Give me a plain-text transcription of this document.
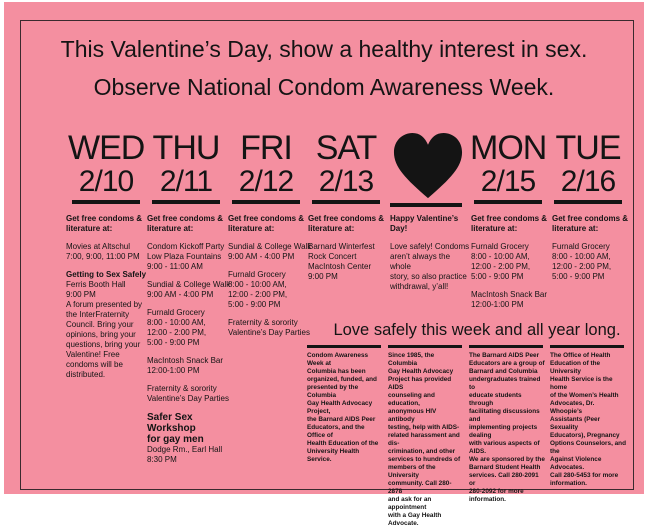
This Valentine’s Day, show a healthy interest in sex.
Observe National Condom Awareness Week.
WED
2/10
THU
2/11
FRI
2/12
SAT
2/13
MON
2/15
TUE
2/16

Get free condoms &
literature at:

Movies at Altschul
7:00, 9:00, 11:00 PM

Getting to Sex Safely

Ferris Booth Hall
9:00 PM
A forum presented by
the InterFraternity
Council. Bring your
opinions, bring your
questions, bring your
Valentine! Free
condoms will be
distributed.

Get free condoms &
literature at:

Condom Kickoff Party
Low Plaza Fountains
9:00 - 11:00 AM

Sundial & College Walk
9:00 AM - 4:00 PM

Furnald Grocery
8:00 - 10:00 AM,
12:00 - 2:00 PM,
5:00 - 9:00 PM

MacIntosh Snack Bar
12:00-1:00 PM

Fraternity & sorority
Valentine’s Day Parties

Safer Sex Workshop
for gay men

Dodge Rm., Earl Hall
8:30 PM

Get free condoms &
literature at:

Sundial & College Walk
9:00 AM - 4:00 PM

Furnald Grocery
8:00 - 10:00 AM,
12:00 - 2:00 PM,
5:00 - 9:00 PM

Fraternity & sorority
Valentine’s Day Parties

Get free condoms &
literature at:

Barnard Winterfest
Rock Concert
MacIntosh Center
9:00 PM

Happy Valentine’s
Day!

Love safely! Condoms
aren’t always the whole
story, so also practice
withdrawal, y’all!

Get free condoms &
literature at:

Furnald Grocery
8:00 - 10:00 AM,
12:00 - 2:00 PM,
5:00 - 9:00 PM

MacIntosh Snack Bar
12:00-1:00 PM

Get free condoms &
literature at:

Furnald Grocery
8:00 - 10:00 AM,
12:00 - 2:00 PM,
5:00 - 9:00 PM

Love safely this week and all year long.
Condom Awareness Week at
Columbia has been
organized, funded, and
presented by the Columbia
Gay Health Advocacy Project,
the Barnard AIDS Peer
Educators, and the Office of
Health Education of the
University Health Service.
Since 1985, the Columbia
Gay Health Advocacy
Project has provided AIDS
counseling and education,
anonymous HIV antibody
testing, help with AIDS-
related harassment and dis-
crimination, and other
services to hundreds of
members of the University
community. Call 280-2878
and ask for an appointment
with a Gay Health Advocate.
The Barnard AIDS Peer
Educators are a group of
Barnard and Columbia
undergraduates trained to
educate students through
facilitating discussions and
implementing projects dealing
with various aspects of AIDS.
We are sponsored by the
Barnard Student Health
services. Call 280-2091 or
280-2092 for more
information.
The Office of Health
Education of the University
Health Service is the home
of the Women’s Health
Advocates, Dr. Whoopie’s
Assistants (Peer Sexuality
Educators), Pregnancy
Options Counselors, and the
Against Violence Advocates.
Call 280-5453 for more
information.
